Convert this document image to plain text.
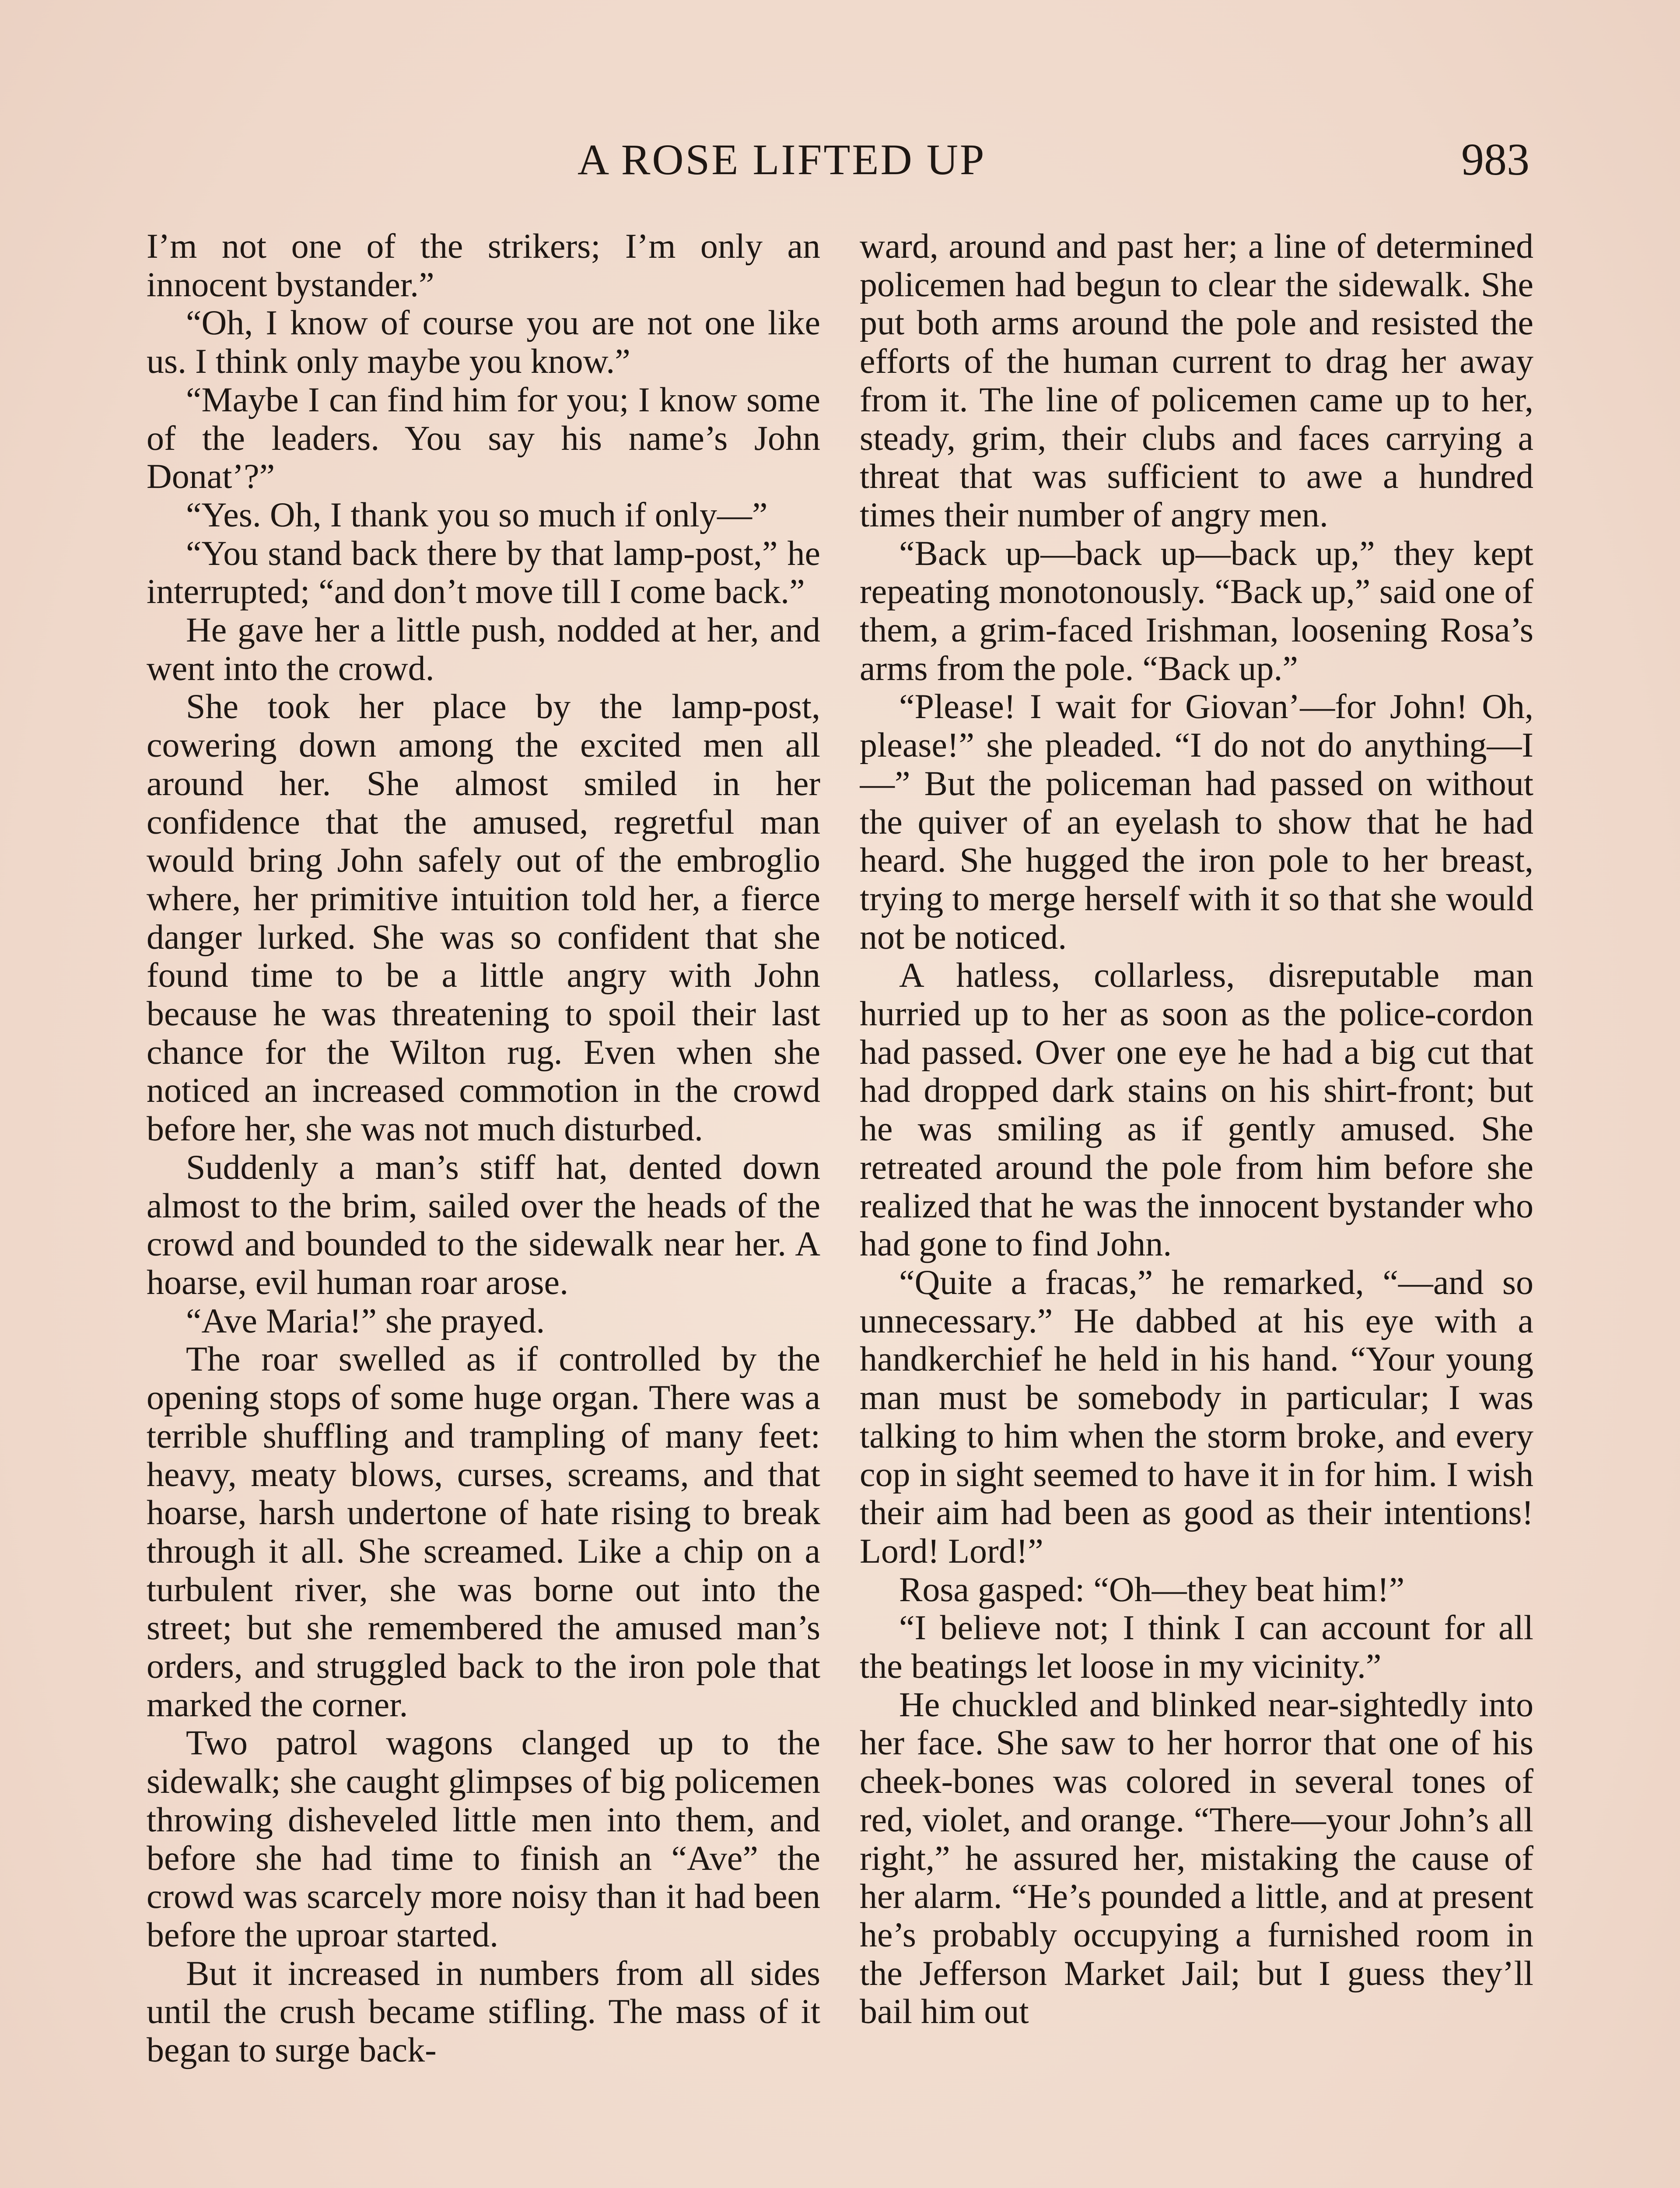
A ROSE LIFTED UP	983

I’m not one of the strikers; I’m only an innocent bystander.”

“Oh, I know of course you are not one like us. I think only maybe you know.”

“Maybe I can find him for you; I know some of the leaders. You say his name’s John Donat’?”

“Yes. Oh, I thank you so much if only—”

“You stand back there by that lamp-post,” he interrupted; “and don’t move till I come back.”

He gave her a little push, nodded at her, and went into the crowd.

She took her place by the lamp-post, cowering down among the excited men all around her. She almost smiled in her confidence that the amused, regretful man would bring John safely out of the embroglio where, her primitive intuition told her, a fierce danger lurked. She was so confident that she found time to be a little angry with John because he was threatening to spoil their last chance for the Wilton rug. Even when she noticed an increased commotion in the crowd before her, she was not much disturbed.

Suddenly a man’s stiff hat, dented down almost to the brim, sailed over the heads of the crowd and bounded to the sidewalk near her. A hoarse, evil human roar arose.

“Ave Maria!” she prayed.

The roar swelled as if controlled by the opening stops of some huge organ. There was a terrible shuffling and trampling of many feet: heavy, meaty blows, curses, screams, and that hoarse, harsh undertone of hate rising to break through it all. She screamed. Like a chip on a turbulent river, she was borne out into the street; but she remembered the amused man’s orders, and struggled back to the iron pole that marked the corner.

Two patrol wagons clanged up to the sidewalk; she caught glimpses of big policemen throwing disheveled little men into them, and before she had time to finish an “Ave” the crowd was scarcely more noisy than it had been before the uproar started.

But it increased in numbers from all sides until the crush became stifling. The mass of it began to surge back-

ward, around and past her; a line of determined policemen had begun to clear the sidewalk. She put both arms around the pole and resisted the efforts of the human current to drag her away from it. The line of policemen came up to her, steady, grim, their clubs and faces carrying a threat that was sufficient to awe a hundred times their number of angry men.

“Back up—back up—back up,” they kept repeating monotonously. “Back up,” said one of them, a grim-faced Irishman, loosening Rosa’s arms from the pole. “Back up.”

“Please! I wait for Giovan’—for John! Oh, please!” she pleaded. “I do not do anything—I—” But the policeman had passed on without the quiver of an eyelash to show that he had heard. She hugged the iron pole to her breast, trying to merge herself with it so that she would not be noticed.

A hatless, collarless, disreputable man hurried up to her as soon as the police-cordon had passed. Over one eye he had a big cut that had dropped dark stains on his shirt-front; but he was smiling as if gently amused. She retreated around the pole from him before she realized that he was the innocent bystander who had gone to find John.

“Quite a fracas,” he remarked, “—and so unnecessary.” He dabbed at his eye with a handkerchief he held in his hand. “Your young man must be somebody in particular; I was talking to him when the storm broke, and every cop in sight seemed to have it in for him. I wish their aim had been as good as their intentions! Lord! Lord!”

Rosa gasped: “Oh—they beat him!”

“I believe not; I think I can account for all the beatings let loose in my vicinity.”

He chuckled and blinked near-sightedly into her face. She saw to her horror that one of his cheek-bones was colored in several tones of red, violet, and orange. “There—your John’s all right,” he assured her, mistaking the cause of her alarm. “He’s pounded a little, and at present he’s probably occupying a furnished room in the Jefferson Market Jail; but I guess they’ll bail him out
